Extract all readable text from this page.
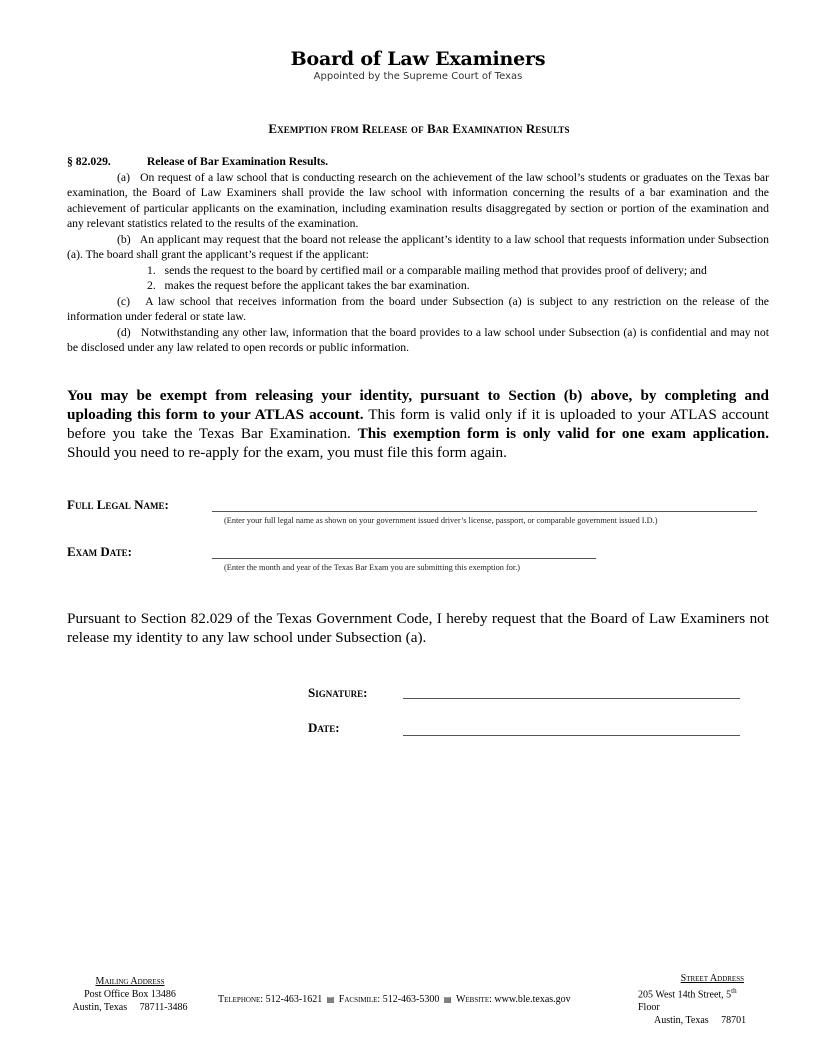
Board of Law Examiners
Appointed by the Supreme Court of Texas
Exemption from Release of Bar Examination Results

§ 82.029.	Release of Bar Examination Results.

(a)   On request of a law school that is conducting research on the achievement of the law school’s students or graduates on the Texas bar examination, the Board of Law Examiners shall provide the law school with information concerning the results of a bar examination and the achievement of particular applicants on the examination, including examination results disaggregated by section or portion of the examination and any relevant statistics related to the results of the examination.

(b)   An applicant may request that the board not release the applicant’s identity to a law school that requests information under Subsection (a). The board shall grant the applicant’s request if the applicant:

1.   sends the request to the board by certified mail or a comparable mailing method that provides proof of delivery; and

2.   makes the request before the applicant takes the bar examination.

(c)   A law school that receives information from the board under Subsection (a) is subject to any restriction on the release of the information under federal or state law.

(d)   Notwithstanding any other law, information that the board provides to a law school under Subsection (a) is confidential and may not be disclosed under any law related to open records or public information.

You may be exempt from releasing your identity, pursuant to Section (b) above, by completing and uploading this form to your ATLAS account. This form is valid only if it is uploaded to your ATLAS account before you take the Texas Bar Examination. This exemption form is only valid for one exam application. Should you need to re-apply for the exam, you must file this form again.
Full Legal Name:
(Enter your full legal name as shown on your government issued driver’s license, passport, or comparable government issued I.D.)
Exam Date:
(Enter the month and year of the Texas Bar Exam you are submitting this exemption for.)
Pursuant to Section 82.029 of the Texas Government Code, I hereby request that the Board of Law Examiners not release my identity to any law school under Subsection (a).
Signature:
Date:
Mailing Address
Post Office Box 13486
Austin, Texas     78711-3486
Telephone: 512-463-1621  ▤  Facsimile: 512-463-5300  ▤  Website: www.ble.texas.gov
Street Address
205 West 14th Street, 5th
Floor
Austin, Texas     78701
